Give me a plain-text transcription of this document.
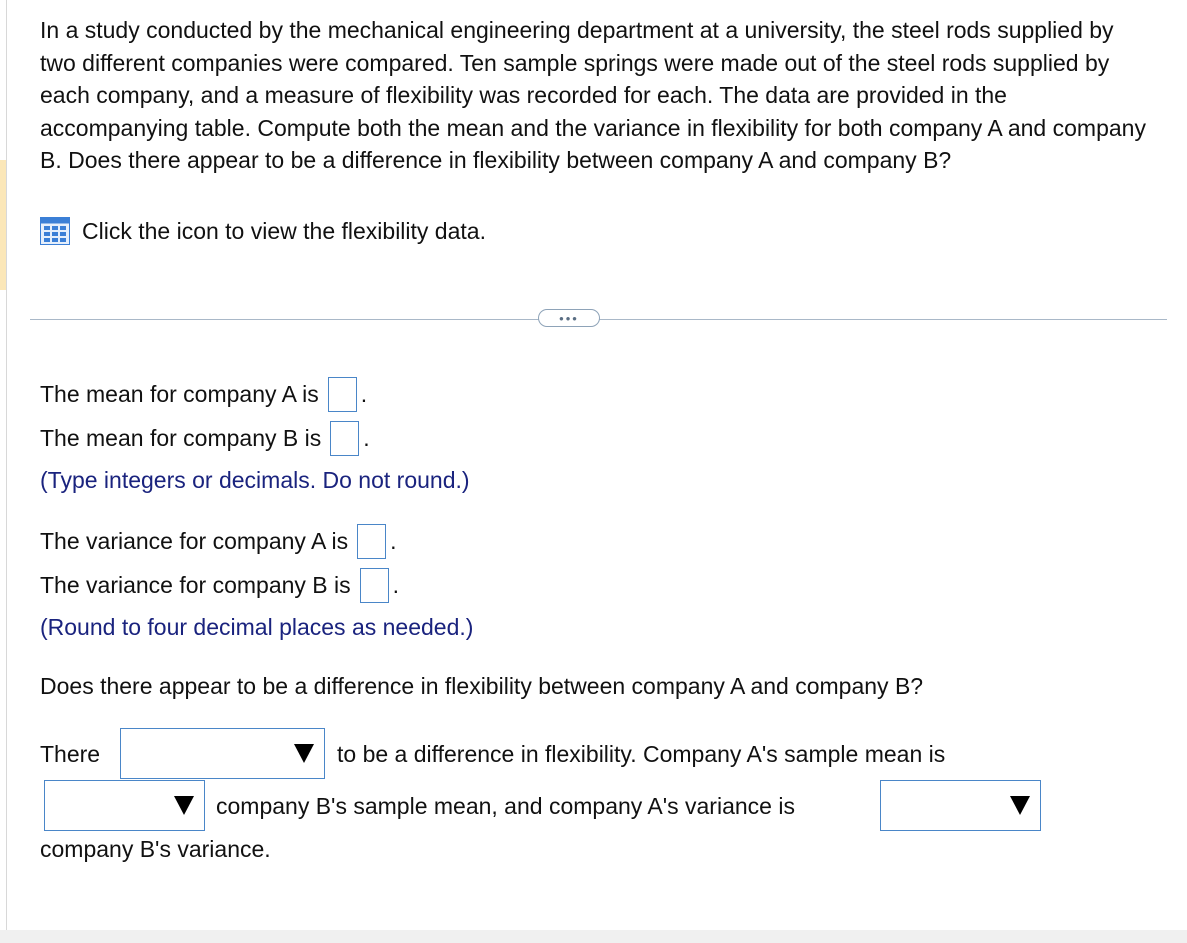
In a study conducted by the mechanical engineering department at a university, the steel rods supplied by two different companies were compared. Ten sample springs were made out of the steel rods supplied by each company, and a measure of flexibility was recorded for each. The data are provided in the accompanying table. Compute both the mean and the variance in flexibility for both company A and company B. Does there appear to be a difference in flexibility between company A and company B?

Click the icon to view the flexibility data.
•••
The mean for company A is .
The mean for company B is .
(Type integers or decimals. Do not round.)
The variance for company A is .
The variance for company B is .
(Round to four decimal places as needed.)
Does there appear to be a difference in flexibility between company A and company B?
There	to be a difference in flexibility. Company A's sample mean is
company B's sample mean, and company A's variance is
company B's variance.
